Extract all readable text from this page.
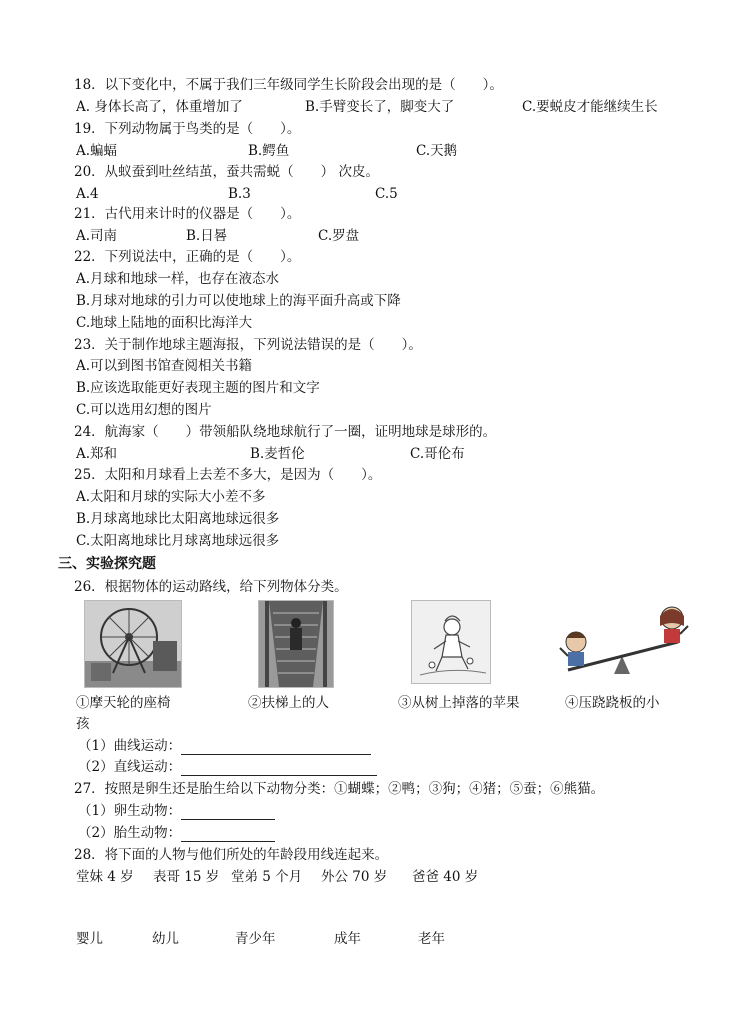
18．以下变化中，不属于我们三年级同学生长阶段会出现的是（　　）。
A. 身体长高了，体重增加了	B.手臂变长了，脚变大了	C.要蜕皮才能继续生长
19．下列动物属于鸟类的是（　　）。
A.蝙蝠	B.鳄鱼	C.天鹅
20．从蚁蚕到吐丝结茧，蚕共需蜕（　　） 次皮。
A.4	B.3	C.5
21．古代用来计时的仪器是（　　）。
A.司南	B.日晷	C.罗盘
22．下列说法中，正确的是（　　）。
A.月球和地球一样，也存在液态水
B.月球对地球的引力可以使地球上的海平面升高或下降
C.地球上陆地的面积比海洋大
23．关于制作地球主题海报，下列说法错误的是（　　）。
A.可以到图书馆查阅相关书籍
B.应该选取能更好表现主题的图片和文字
C.可以选用幻想的图片
24．航海家（　　）带领船队绕地球航行了一圈，证明地球是球形的。
A.郑和	B.麦哲伦	C.哥伦布
25．太阳和月球看上去差不多大，是因为（　　）。
A.太阳和月球的实际大小差不多
B.月球离地球比太阳离地球远很多
C.太阳离地球比月球离地球远很多
三、实验探究题
26．根据物体的运动路线，给下列物体分类。
①摩天轮的座椅	②扶梯上的人	③从树上掉落的苹果	④压跷跷板的小
孩
（1）曲线运动：
（2）直线运动：
27．按照是卵生还是胎生给以下动物分类：①蝴蝶；②鸭；③狗；④猪；⑤蚕；⑥熊猫。
（1）卵生动物：
（2）胎生动物：
28．将下面的人物与他们所处的年龄段用线连起来。
堂妹 4 岁 表哥 15 岁 堂弟 5 个月 外公 70 岁 爸爸 40 岁
婴儿	幼儿	青少年	成年	老年
